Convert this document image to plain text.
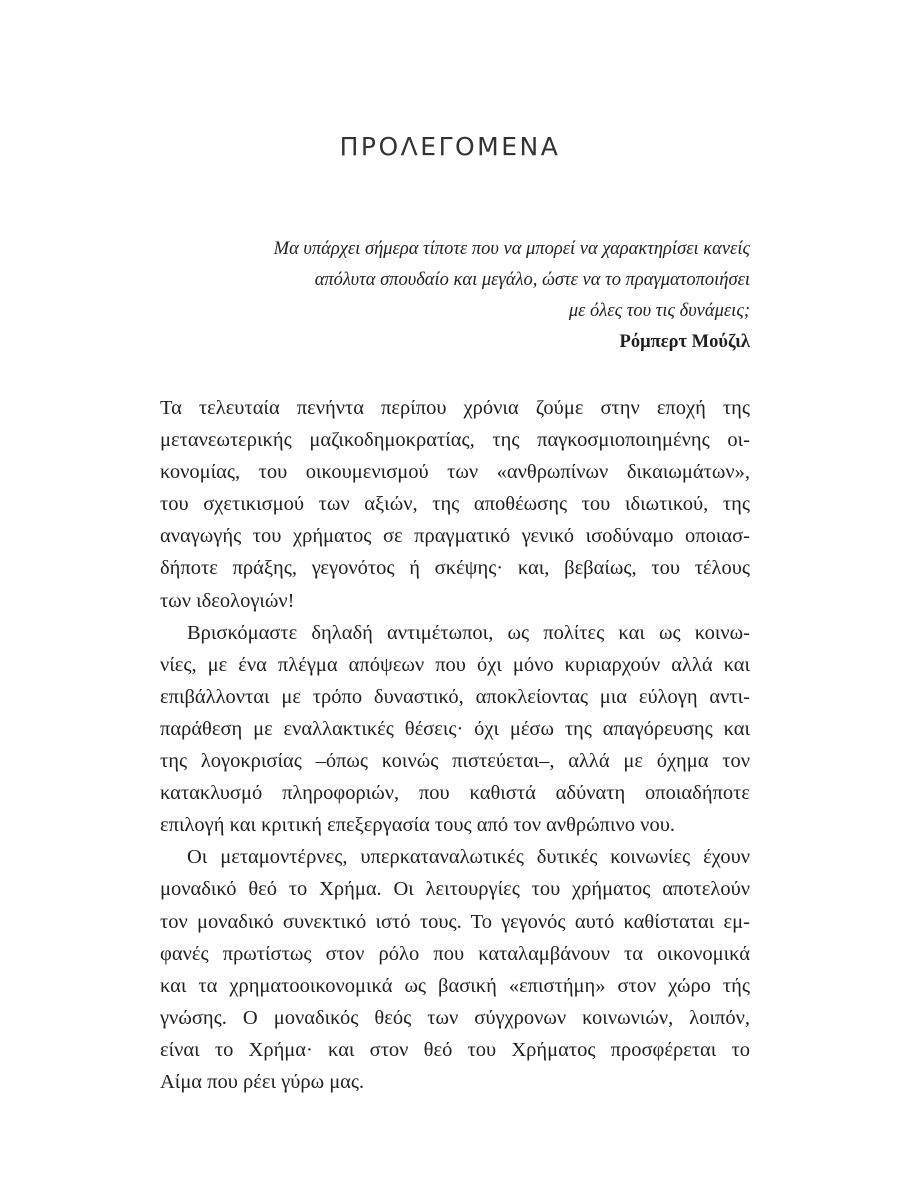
ΠΡΟΛΕΓΟΜΕΝΑ

Μα υπάρχει σήμερα τίποτε που να μπορεί να χαρακτηρίσει κανείς

απόλυτα σπουδαίο και μεγάλο, ώστε να το πραγματοποιήσει

με όλες του τις δυνάμεις;

Ρόμπερτ Μούζιλ

Τα τελευταία πενήντα περίπου χρόνια ζούμε στην εποχή της
μετανεωτερικής μαζικοδημοκρατίας, της παγκοσμιοποιημένης οι-
κονομίας, του οικουμενισμού των «ανθρωπίνων δικαιωμάτων»,
του σχετικισμού των αξιών, της αποθέωσης του ιδιωτικού, της
αναγωγής του χρήματος σε πραγματικό γενικό ισοδύναμο οποιασ-
δήποτε πράξης, γεγονότος ή σκέψης· και, βεβαίως, του τέλους
των ιδεολογιών!
Βρισκόμαστε δηλαδή αντιμέτωποι, ως πολίτες και ως κοινω-
νίες, με ένα πλέγμα απόψεων που όχι μόνο κυριαρχούν αλλά και
επιβάλλονται με τρόπο δυναστικό, αποκλείοντας μια εύλογη αντι-
παράθεση με εναλλακτικές θέσεις· όχι μέσω της απαγόρευσης και
της λογοκρισίας –όπως κοινώς πιστεύεται–, αλλά με όχημα τον
κατακλυσμό πληροφοριών, που καθιστά αδύνατη οποιαδήποτε
επιλογή και κριτική επεξεργασία τους από τον ανθρώπινο νου.
Οι μεταμοντέρνες, υπερκαταναλωτικές δυτικές κοινωνίες έχουν
μοναδικό θεό το Χρήμα. Οι λειτουργίες του χρήματος αποτελούν
τον μοναδικό συνεκτικό ιστό τους. Το γεγονός αυτό καθίσταται εμ-
φανές πρωτίστως στον ρόλο που καταλαμβάνουν τα οικονομικά
και τα χρηματοοικονομικά ως βασική «επιστήμη» στον χώρο τής
γνώσης. Ο μοναδικός θεός των σύγχρονων κοινωνιών, λοιπόν,
είναι το Χρήμα· και στον θεό του Χρήματος προσφέρεται το
Αίμα που ρέει γύρω μας.
